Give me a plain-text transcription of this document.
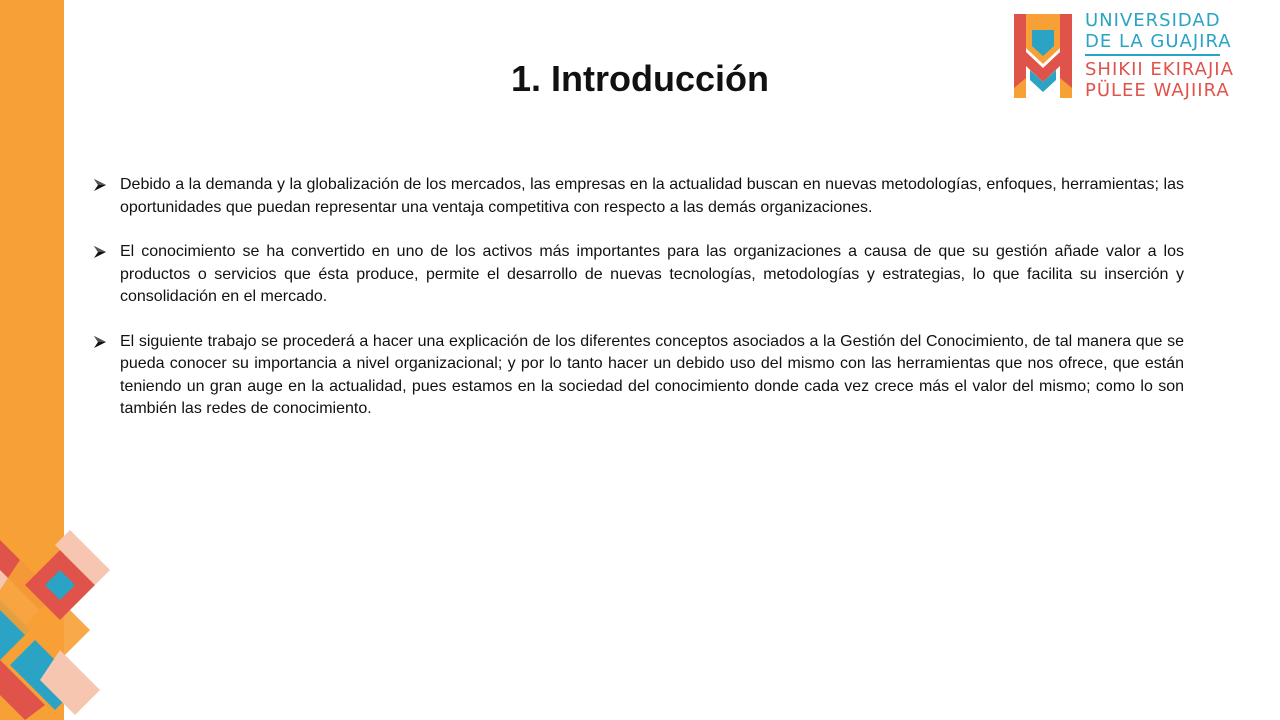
1. Introducción
UNIVERSIDAD
DE LA GUAJIRA
SHIKII EKIRAJIA
PÜLEE WAJIIRA
Debido a la demanda y la globalización de los mercados, las empresas en la actualidad buscan en nuevas metodologías, enfoques, herramientas; las oportunidades que puedan representar una ventaja competitiva con respecto a las demás organizaciones.
El conocimiento se ha convertido en uno de los activos más importantes para las organizaciones a causa de que su gestión añade valor a los productos o servicios que ésta produce, permite el desarrollo de nuevas tecnologías, metodologías y estrategias, lo que facilita su inserción y consolidación en el mercado.
El siguiente trabajo se procederá a hacer una explicación de los diferentes conceptos asociados a la Gestión del Conocimiento, de tal manera que se pueda conocer su importancia a nivel organizacional; y por lo tanto hacer un debido uso del mismo con las herramientas que nos ofrece, que están teniendo un gran auge en la actualidad, pues estamos en la sociedad del conocimiento donde cada vez crece más el valor del mismo; como lo son también las redes de conocimiento.
